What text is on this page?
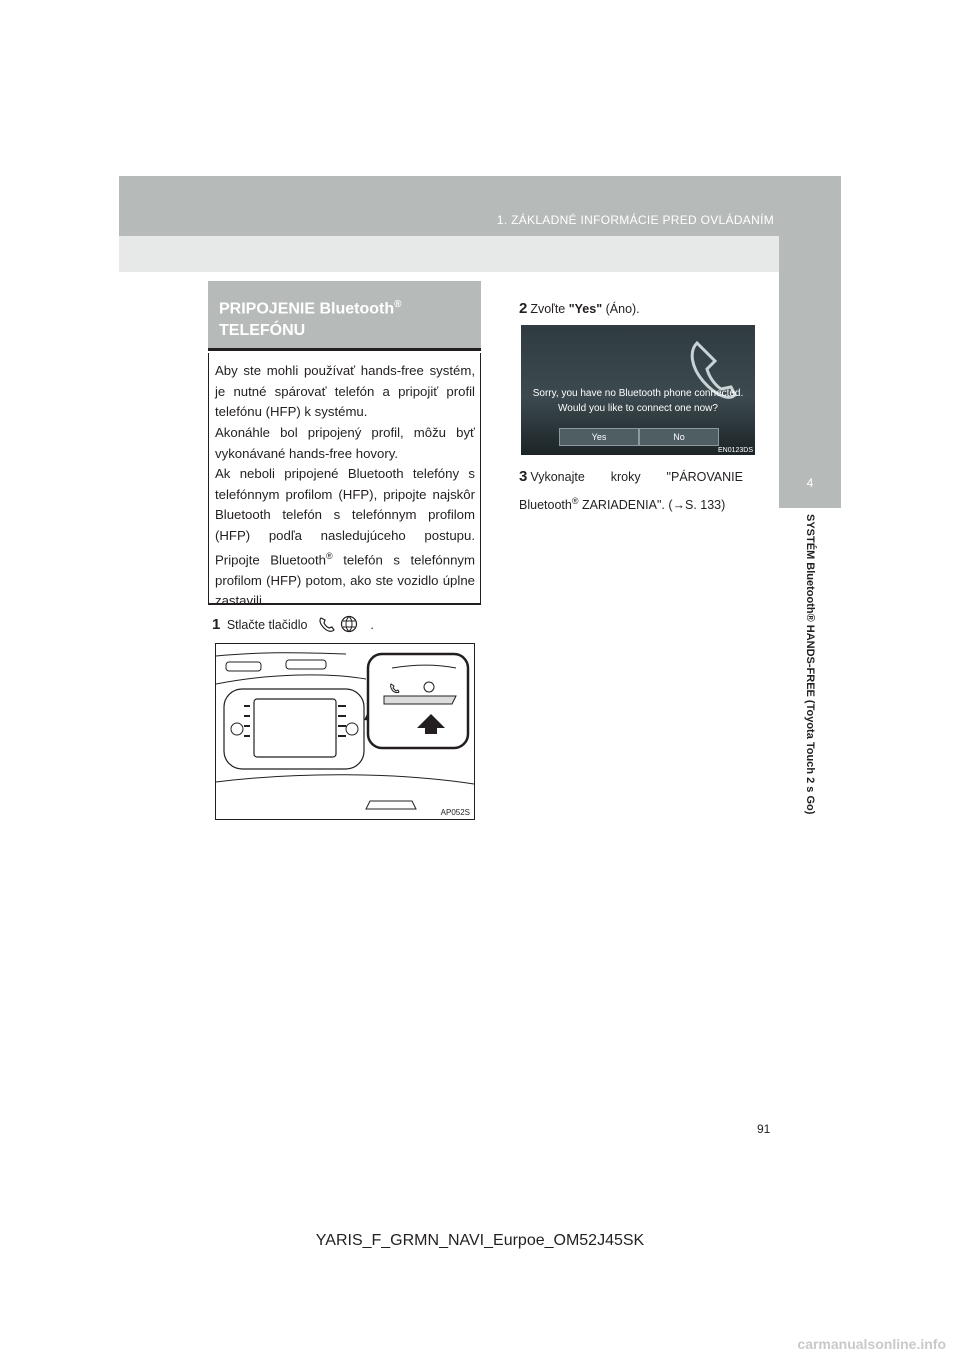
1. ZÁKLADNÉ INFORMÁCIE PRED OVLÁDANÍM
4
SYSTÉM Bluetooth® HANDS-FREE (Toyota Touch 2 s Go)
PRIPOJENIE Bluetooth®
TELEFÓNU
Aby ste mohli používať hands-free systém, je nutné spárovať telefón a pripojiť profil telefónu (HFP) k systému.
Akonáhle bol pripojený profil, môžu byť vykonávané hands-free hovory.
Ak neboli pripojené Bluetooth telefóny s telefónnym profilom (HFP), pripojte najskôr Bluetooth telefón s telefónnym profilom (HFP) podľa nasledujúceho postupu. Pripojte Bluetooth® telefón s telefónnym profilom (HFP) potom, ako ste vozidlo úplne zastavili.
1 Stlačte tlačidlo	.
AP052S
2 Zvoľte "Yes" (Áno).
Sorry, you have no Bluetooth phone connected.
Would you like to connect one now?
Yes	No
EN0123DS
3 Vykonajte kroky "PÁROVANIE Bluetooth® ZARIADENIA". (→S. 133)
91
YARIS_F_GRMN_NAVI_Eurpoe_OM52J45SK
carmanualsonline.info
